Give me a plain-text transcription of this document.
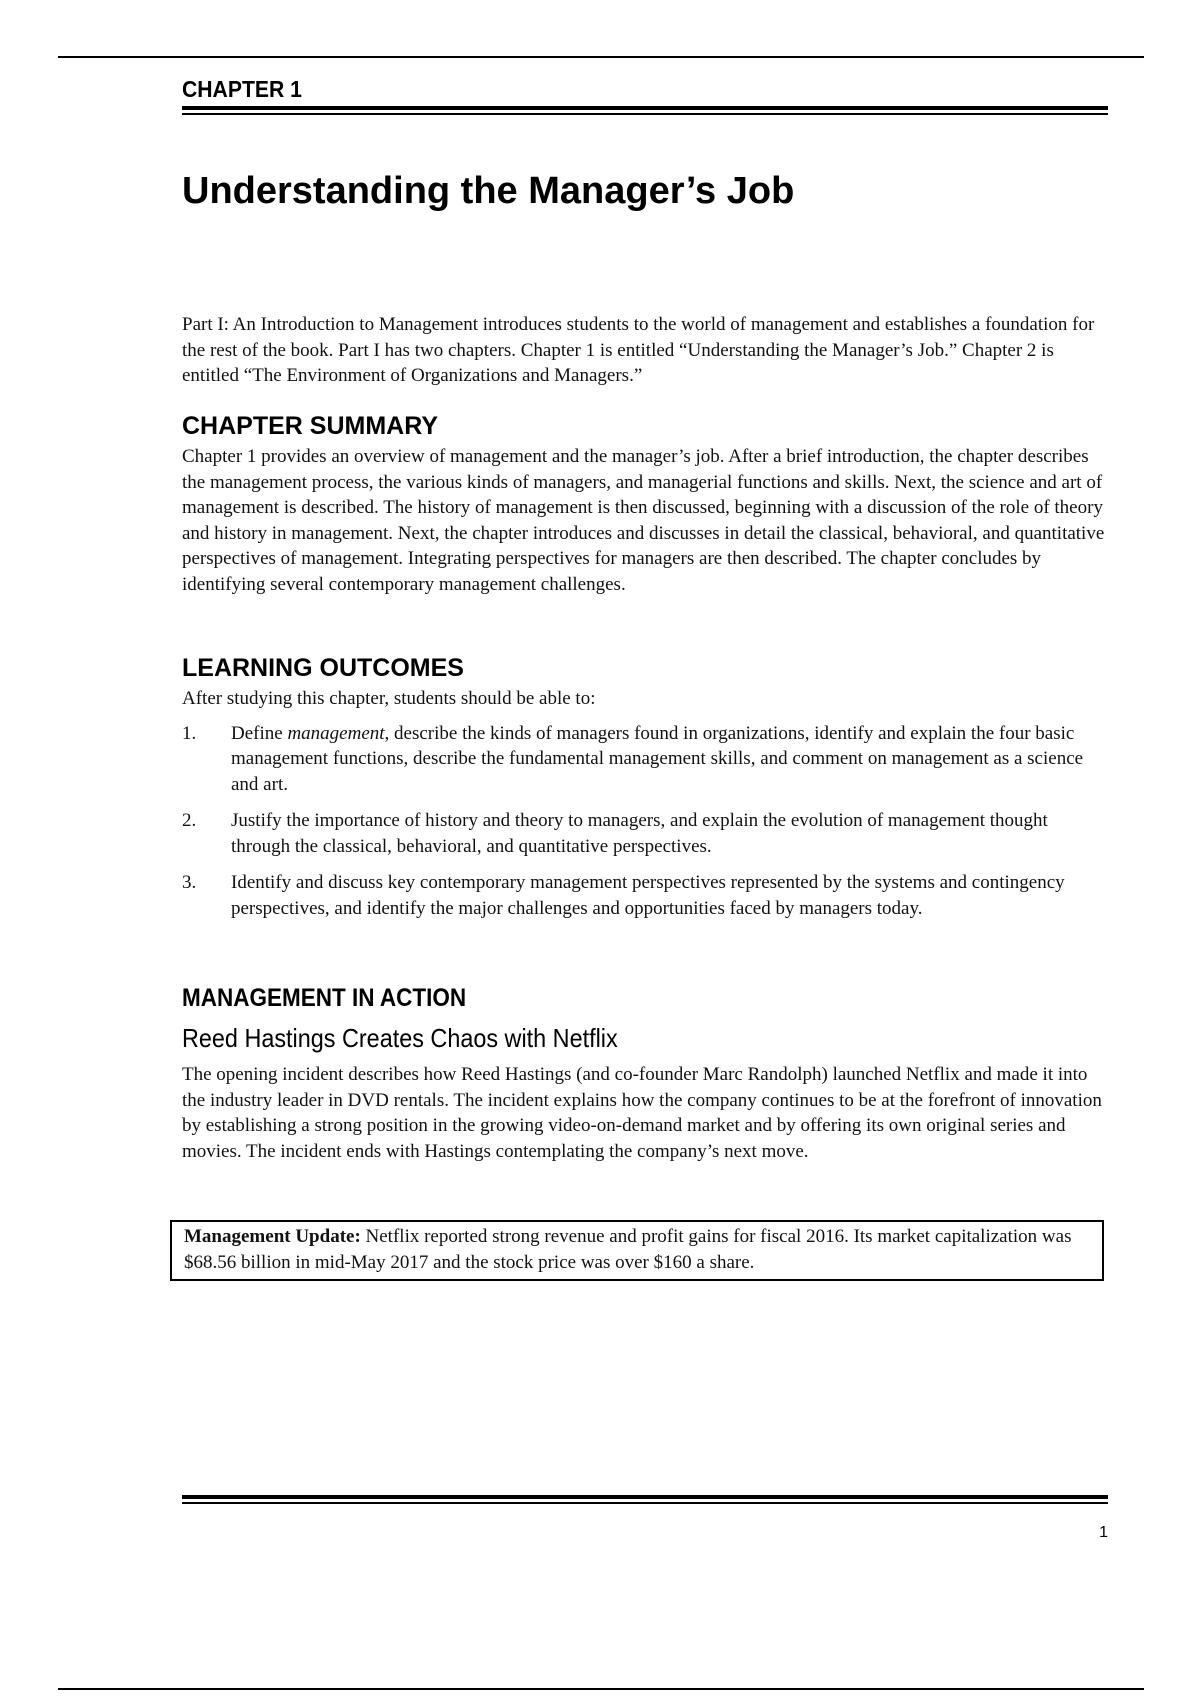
CHAPTER 1
Understanding the Manager’s Job

Part I: An Introduction to Management introduces students to the world of management and establishes a foundation for the rest of the book. Part I has two chapters. Chapter 1 is entitled “Understanding the Manager’s Job.” Chapter 2 is entitled “The Environment of Organizations and Managers.”

CHAPTER SUMMARY

Chapter 1 provides an overview of management and the manager’s job. After a brief introduction, the chapter describes the management process, the various kinds of managers, and managerial functions and skills. Next, the science and art of management is described. The history of management is then discussed, beginning with a discussion of the role of theory and history in management. Next, the chapter introduces and discusses in detail the classical, behavioral, and quantitative perspectives of management. Integrating perspectives for managers are then described. The chapter concludes by identifying several contemporary management challenges.

LEARNING OUTCOMES

After studying this chapter, students should be able to:

1. Define management, describe the kinds of managers found in organizations, identify and explain the four basic management functions, describe the fundamental management skills, and comment on management as a science and art.
2. Justify the importance of history and theory to managers, and explain the evolution of management thought through the classical, behavioral, and quantitative perspectives.
3. Identify and discuss key contemporary management perspectives represented by the systems and contingency perspectives, and identify the major challenges and opportunities faced by managers today.
MANAGEMENT IN ACTION
Reed Hastings Creates Chaos with Netflix

The opening incident describes how Reed Hastings (and co-founder Marc Randolph) launched Netflix and made it into the industry leader in DVD rentals. The incident explains how the company continues to be at the forefront of innovation by establishing a strong position in the growing video-on-demand market and by offering its own original series and movies. The incident ends with Hastings contemplating the company’s next move.

Management Update: Netflix reported strong revenue and profit gains for fiscal 2016. Its market capitalization was $68.56 billion in mid-May 2017 and the stock price was over $160 a share.

1
